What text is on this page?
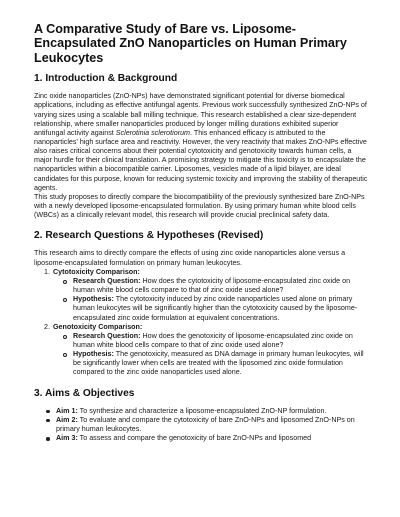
A Comparative Study of Bare vs. Liposome-Encapsulated ZnO Nanoparticles on Human Primary Leukocytes
1. Introduction & Background

Zinc oxide nanoparticles (ZnO-NPs) have demonstrated significant potential for diverse biomedical applications, including as effective antifungal agents. Previous work successfully synthesized ZnO-NPs of varying sizes using a scalable ball milling technique. This research established a clear size-dependent relationship, where smaller nanoparticles produced by longer milling durations exhibited superior antifungal activity against Sclerotinia sclerotiorum. This enhanced efficacy is attributed to the nanoparticles' high surface area and reactivity. However, the very reactivity that makes ZnO-NPs effective also raises critical concerns about their potential cytotoxicity and genotoxicity towards human cells, a major hurdle for their clinical translation. A promising strategy to mitigate this toxicity is to encapsulate the nanoparticles within a biocompatible carrier. Liposomes, vesicles made of a lipid bilayer, are ideal candidates for this purpose, known for reducing systemic toxicity and improving the stability of therapeutic agents.

This study proposes to directly compare the biocompatibility of the previously synthesized bare ZnO-NPs with a newly developed liposome-encapsulated formulation. By using primary human white blood cells (WBCs) as a clinically relevant model, this research will provide crucial preclinical safety data.

2. Research Questions & Hypotheses (Revised)

This research aims to directly compare the effects of using zinc oxide nanoparticles alone versus a liposome-encapsulated formulation on primary human leukocytes.

1. Cytotoxicity Comparison:
Research Question: How does the cytotoxicity of liposome-encapsulated zinc oxide on human white blood cells compare to that of zinc oxide used alone?
Hypothesis: The cytotoxicity induced by zinc oxide nanoparticles used alone on primary human leukocytes will be significantly higher than the cytotoxicity caused by the liposome-encapsulated zinc oxide formulation at equivalent concentrations.
2. Genotoxicity Comparison:
Research Question: How does the genotoxicity of liposome-encapsulated zinc oxide on human white blood cells compare to that of zinc oxide used alone?
Hypothesis: The genotoxicity, measured as DNA damage in primary human leukocytes, will be significantly lower when cells are treated with the liposomed zinc oxide formulation compared to the zinc oxide nanoparticles used alone.
3. Aims & Objectives
Aim 1: To synthesize and characterize a liposome-encapsulated ZnO-NP formulation.
Aim 2: To evaluate and compare the cytotoxicity of bare ZnO-NPs and liposomed ZnO-NPs on primary human leukocytes.
Aim 3: To assess and compare the genotoxicity of bare ZnO-NPs and liposomed
